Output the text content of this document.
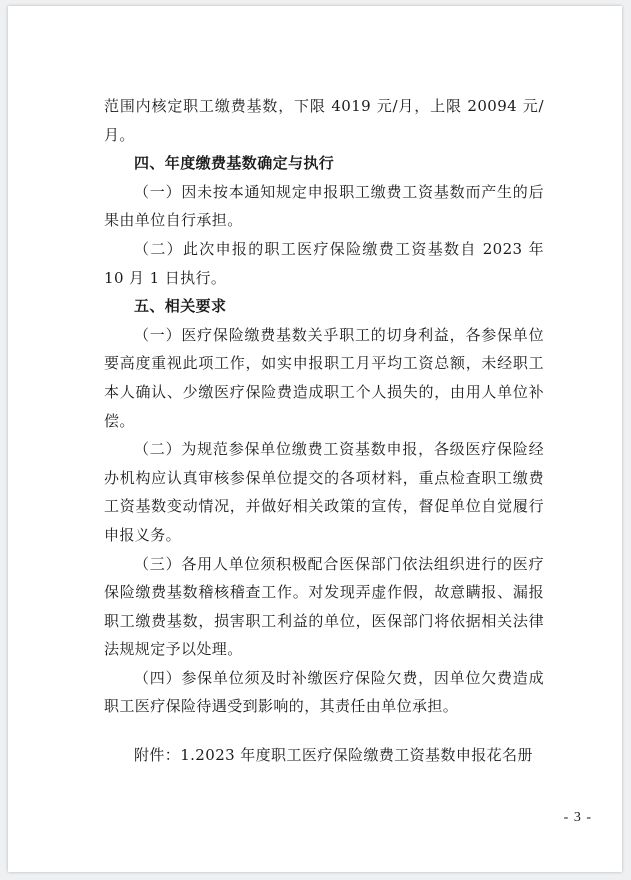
范围内核定职工缴费基数，下限 4019 元/月，上限 20094 元/月。

四、年度缴费基数确定与执行

（一）因未按本通知规定申报职工缴费工资基数而产生的后果由单位自行承担。

（二）此次申报的职工医疗保险缴费工资基数自 2023 年 10 月 1 日执行。

五、相关要求

（一）医疗保险缴费基数关乎职工的切身利益，各参保单位要高度重视此项工作，如实申报职工月平均工资总额，未经职工本人确认、少缴医疗保险费造成职工个人损失的，由用人单位补偿。

（二）为规范参保单位缴费工资基数申报，各级医疗保险经办机构应认真审核参保单位提交的各项材料，重点检查职工缴费工资基数变动情况，并做好相关政策的宣传，督促单位自觉履行申报义务。

（三）各用人单位须积极配合医保部门依法组织进行的医疗保险缴费基数稽核稽查工作。对发现弄虚作假，故意瞒报、漏报职工缴费基数，损害职工利益的单位，医保部门将依据相关法律法规规定予以处理。

（四）参保单位须及时补缴医疗保险欠费，因单位欠费造成职工医疗保险待遇受到影响的，其责任由单位承担。

附件：1.2023 年度职工医疗保险缴费工资基数申报花名册

- 3 -
